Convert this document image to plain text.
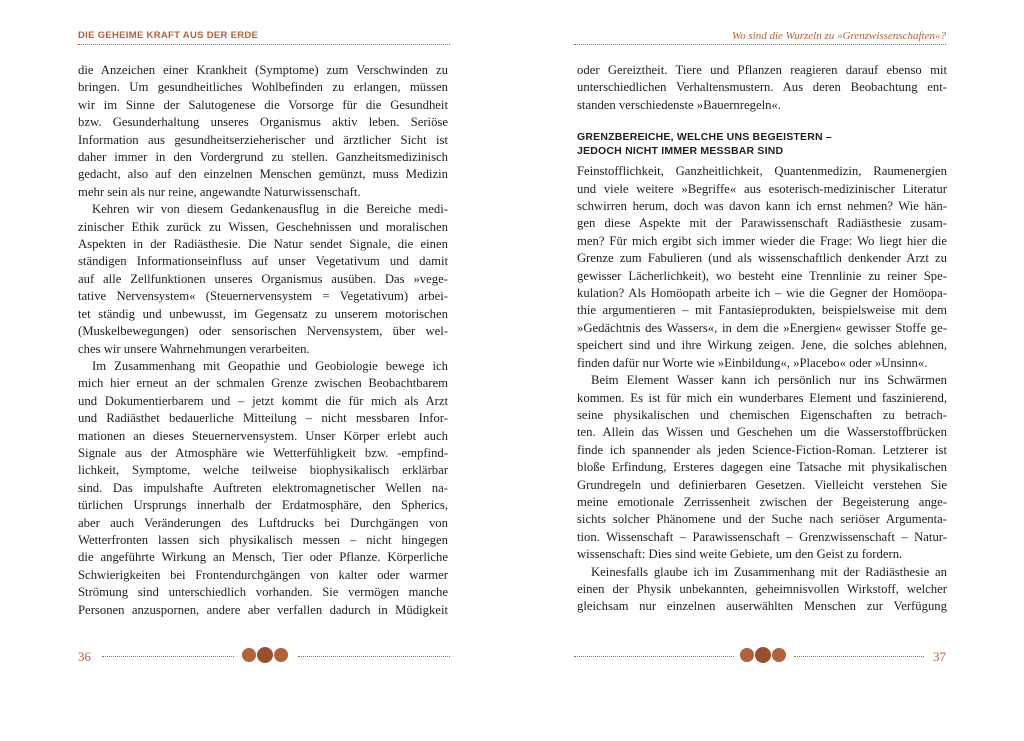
DIE GEHEIME KRAFT AUS DER ERDE
die Anzeichen einer Krankheit (Symptome) zum Verschwinden zu
bringen. Um gesundheitliches Wohlbefinden zu erlangen, müssen
wir im Sinne der Salutogenese die Vorsorge für die Gesundheit
bzw. Gesunderhaltung unseres Organismus aktiv leben. Seriöse
Information aus gesundheitserzieherischer und ärztlicher Sicht ist
daher immer in den Vordergrund zu stellen. Ganzheitsmedizinisch
gedacht, also auf den einzelnen Menschen gemünzt, muss Medizin
mehr sein als nur reine, angewandte Naturwissenschaft.
Kehren wir von diesem Gedankenausflug in die Bereiche medi-
zinischer Ethik zurück zu Wissen, Geschehnissen und moralischen
Aspekten in der Radiästhesie. Die Natur sendet Signale, die einen
ständigen Informationseinfluss auf unser Vegetativum und damit
auf alle Zellfunktionen unseres Organismus ausüben. Das »vege-
tative Nervensystem« (Steuernervensystem = Vegetativum) arbei-
tet ständig und unbewusst, im Gegensatz zu unserem motorischen
(Muskelbewegungen) oder sensorischen Nervensystem, über wel-
ches wir unsere Wahrnehmungen verarbeiten.
Im Zusammenhang mit Geopathie und Geobiologie bewege ich
mich hier erneut an der schmalen Grenze zwischen Beobachtbarem
und Dokumentierbarem und – jetzt kommt die für mich als Arzt
und Radiästhet bedauerliche Mitteilung – nicht messbaren Infor-
mationen an dieses Steuernervensystem. Unser Körper erlebt auch
Signale aus der Atmosphäre wie Wetterfühligkeit bzw. -empfind-
lichkeit, Symptome, welche teilweise biophysikalisch erklärbar
sind. Das impulshafte Auftreten elektromagnetischer Wellen na-
türlichen Ursprungs innerhalb der Erdatmosphäre, den Spherics,
aber auch Veränderungen des Luftdrucks bei Durchgängen von
Wetterfronten lassen sich physikalisch messen – nicht hingegen
die angeführte Wirkung an Mensch, Tier oder Pflanze. Körperliche
Schwierigkeiten bei Frontendurchgängen von kalter oder warmer
Strömung sind unterschiedlich vorhanden. Sie vermögen manche
Personen anzuspornen, andere aber verfallen dadurch in Müdigkeit
36
Wo sind die Wurzeln zu »Grenzwissenschaften«?
oder Gereiztheit. Tiere und Pflanzen reagieren darauf ebenso mit
unterschiedlichen Verhaltensmustern. Aus deren Beobachtung ent-
standen verschiedenste »Bauernregeln«.
GRENZBEREICHE, WELCHE UNS BEGEISTERN –
JEDOCH NICHT IMMER MESSBAR SIND
Feinstofflichkeit, Ganzheitlichkeit, Quantenmedizin, Raumenergien
und viele weitere »Begriffe« aus esoterisch-medizinischer Literatur
schwirren herum, doch was davon kann ich ernst nehmen? Wie hän-
gen diese Aspekte mit der Parawissenschaft Radiästhesie zusam-
men? Für mich ergibt sich immer wieder die Frage: Wo liegt hier die
Grenze zum Fabulieren (und als wissenschaftlich denkender Arzt zu
gewisser Lächerlichkeit), wo besteht eine Trennlinie zu reiner Spe-
kulation? Als Homöopath arbeite ich – wie die Gegner der Homöopa-
thie argumentieren – mit Fantasieprodukten, beispielsweise mit dem
»Gedächtnis des Wassers«, in dem die »Energien« gewisser Stoffe ge-
speichert sind und ihre Wirkung zeigen. Jene, die solches ablehnen,
finden dafür nur Worte wie »Einbildung«, »Placebo« oder »Unsinn«.
Beim Element Wasser kann ich persönlich nur ins Schwärmen
kommen. Es ist für mich ein wunderbares Element und faszinierend,
seine physikalischen und chemischen Eigenschaften zu betrach-
ten. Allein das Wissen und Geschehen um die Wasserstoffbrücken
finde ich spannender als jeden Science-Fiction-Roman. Letzterer ist
bloße Erfindung, Ersteres dagegen eine Tatsache mit physikalischen
Grundregeln und definierbaren Gesetzen. Vielleicht verstehen Sie
meine emotionale Zerrissenheit zwischen der Begeisterung ange-
sichts solcher Phänomene und der Suche nach seriöser Argumenta-
tion. Wissenschaft – Parawissenschaft – Grenzwissenschaft – Natur-
wissenschaft: Dies sind weite Gebiete, um den Geist zu fordern.
Keinesfalls glaube ich im Zusammenhang mit der Radiästhesie an
einen der Physik unbekannten, geheimnisvollen Wirkstoff, welcher
gleichsam nur einzelnen auserwählten Menschen zur Verfügung
37
